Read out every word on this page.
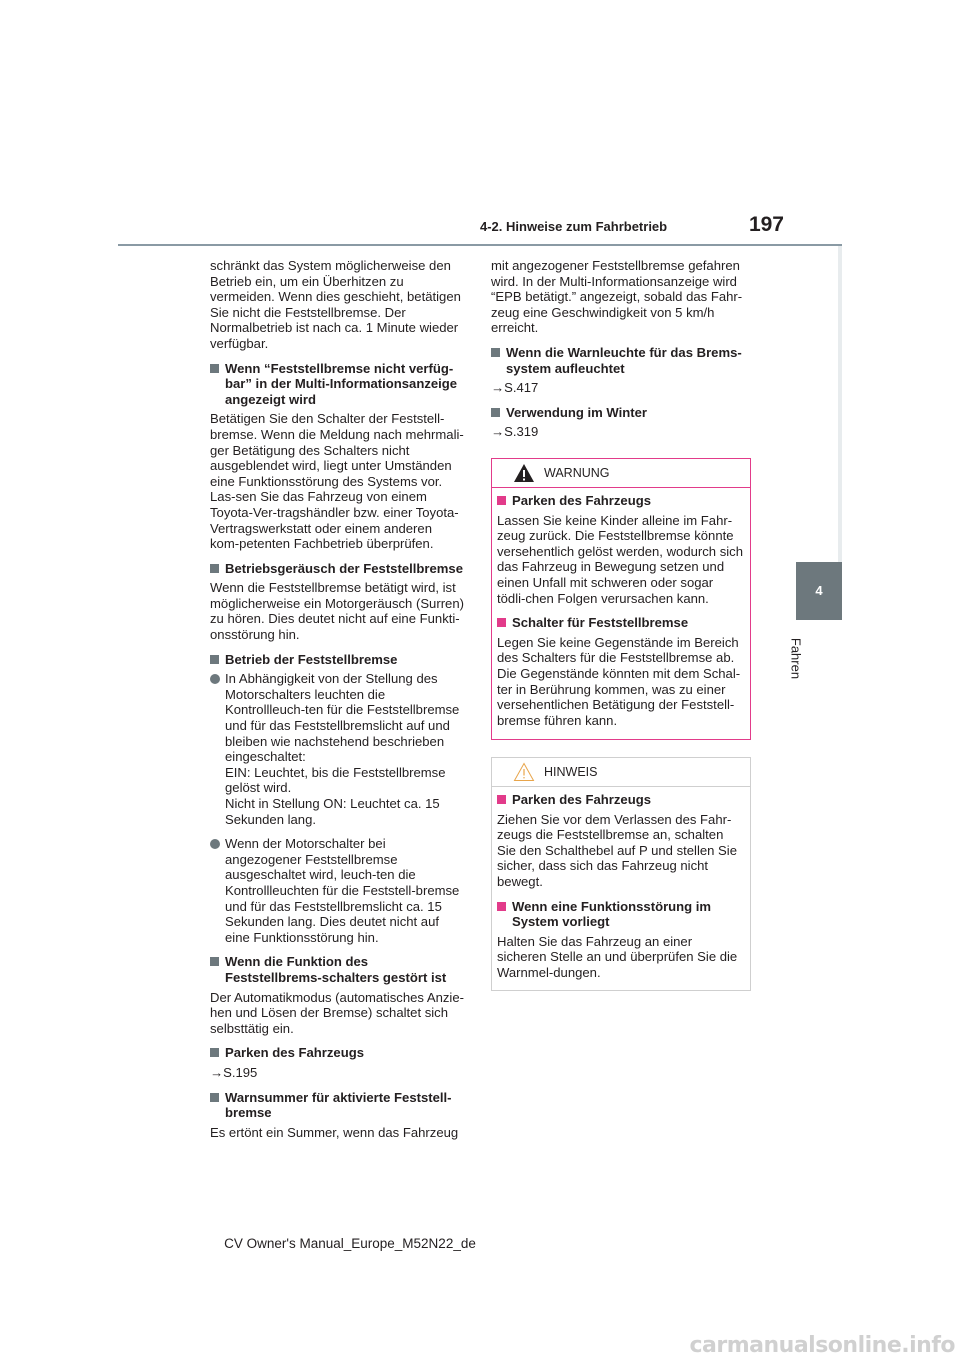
4-2. Hinweise zum Fahrbetrieb	197
4
Fahren

schränkt das System möglicherweise den Betrieb ein, um ein Überhitzen zu vermeiden. Wenn dies geschieht, betätigen Sie nicht die Feststellbremse. Der Normalbetrieb ist nach ca. 1 Minute wieder verfügbar.

Wenn “Feststellbremse nicht verfüg-bar” in der Multi-Informationsanzeige angezeigt wird

Betätigen Sie den Schalter der Feststell-bremse. Wenn die Meldung nach mehrmali-ger Betätigung des Schalters nicht ausgeblendet wird, liegt unter Umständen eine Funktionsstörung des Systems vor. Las-sen Sie das Fahrzeug von einem Toyota-Ver-tragshändler bzw. einer Toyota-Vertragswerkstatt oder einem anderen kom-petenten Fachbetrieb überprüfen.

Betriebsgeräusch der Feststellbremse

Wenn die Feststellbremse betätigt wird, ist möglicherweise ein Motorgeräusch (Surren) zu hören. Dies deutet nicht auf eine Funkti-onsstörung hin.

Betrieb der Feststellbremse
In Abhängigkeit von der Stellung des Motorschalters leuchten die Kontrollleuch-ten für die Feststellbremse und für das Feststellbremslicht auf und bleiben wie nachstehend beschrieben eingeschaltet:
EIN: Leuchtet, bis die Feststellbremse gelöst wird.
Nicht in Stellung ON: Leuchtet ca. 15 Sekunden lang.
Wenn der Motorschalter bei angezogener Feststellbremse ausgeschaltet wird, leuch-ten die Kontrollleuchten für die Feststell-bremse und für das Feststellbremslicht ca. 15 Sekunden lang. Dies deutet nicht auf eine Funktionsstörung hin.
Wenn die Funktion des Feststellbrems-schalters gestört ist

Der Automatikmodus (automatisches Anzie-hen und Lösen der Bremse) schaltet sich selbsttätig ein.

Parken des Fahrzeugs

→S.195

Warnsummer für aktivierte Feststell-bremse

Es ertönt ein Summer, wenn das Fahrzeug

mit angezogener Feststellbremse gefahren wird. In der Multi-Informationsanzeige wird “EPB betätigt.” angezeigt, sobald das Fahr-zeug eine Geschwindigkeit von 5 km/h erreicht.

Wenn die Warnleuchte für das Brems-system aufleuchtet

→S.417

Verwendung im Winter

→S.319

WARNUNG
Parken des Fahrzeugs

Lassen Sie keine Kinder alleine im Fahr-zeug zurück. Die Feststellbremse könnte versehentlich gelöst werden, wodurch sich das Fahrzeug in Bewegung setzen und einen Unfall mit schweren oder sogar tödli-chen Folgen verursachen kann.

Schalter für Feststellbremse

Legen Sie keine Gegenstände im Bereich des Schalters für die Feststellbremse ab. Die Gegenstände könnten mit dem Schal-ter in Berührung kommen, was zu einer versehentlichen Betätigung der Feststell-bremse führen kann.

HINWEIS
Parken des Fahrzeugs

Ziehen Sie vor dem Verlassen des Fahr-zeugs die Feststellbremse an, schalten Sie den Schalthebel auf P und stellen Sie sicher, dass sich das Fahrzeug nicht bewegt.

Wenn eine Funktionsstörung im System vorliegt

Halten Sie das Fahrzeug an einer sicheren Stelle an und überprüfen Sie die Warnmel-dungen.

CV Owner's Manual_Europe_M52N22_de
carmanualsonline.info
